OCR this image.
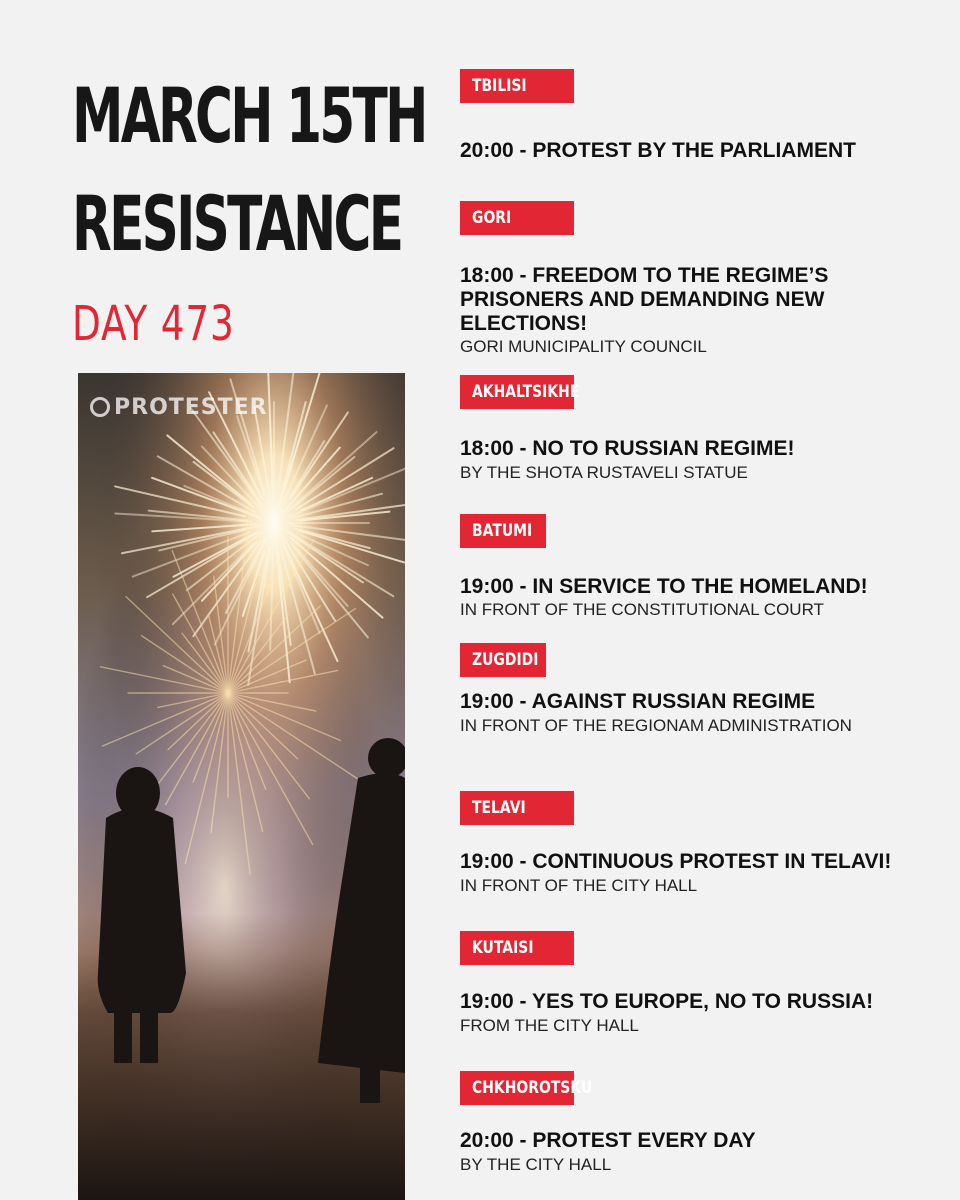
MARCH 15TH
RESISTANCE
DAY 473
PROTESTER
TBILISI
20:00 - PROTEST BY THE PARLIAMENT
GORI
18:00 - FREEDOM TO THE REGIME’S PRISONERS AND DEMANDING NEW ELECTIONS!
GORI MUNICIPALITY COUNCIL
AKHALTSIKHE
18:00 - NO TO RUSSIAN REGIME!
BY THE SHOTA RUSTAVELI STATUE
BATUMI
19:00 - IN SERVICE TO THE HOMELAND!
IN FRONT OF THE CONSTITUTIONAL COURT
ZUGDIDI
19:00 - AGAINST RUSSIAN REGIME
IN FRONT OF THE REGIONAM ADMINISTRATION
TELAVI
19:00 - CONTINUOUS PROTEST IN TELAVI!
IN FRONT OF THE CITY HALL
KUTAISI
19:00 - YES TO EUROPE, NO TO RUSSIA!
FROM THE CITY HALL
CHKHOROTSKU
20:00 - PROTEST EVERY DAY
BY THE CITY HALL
